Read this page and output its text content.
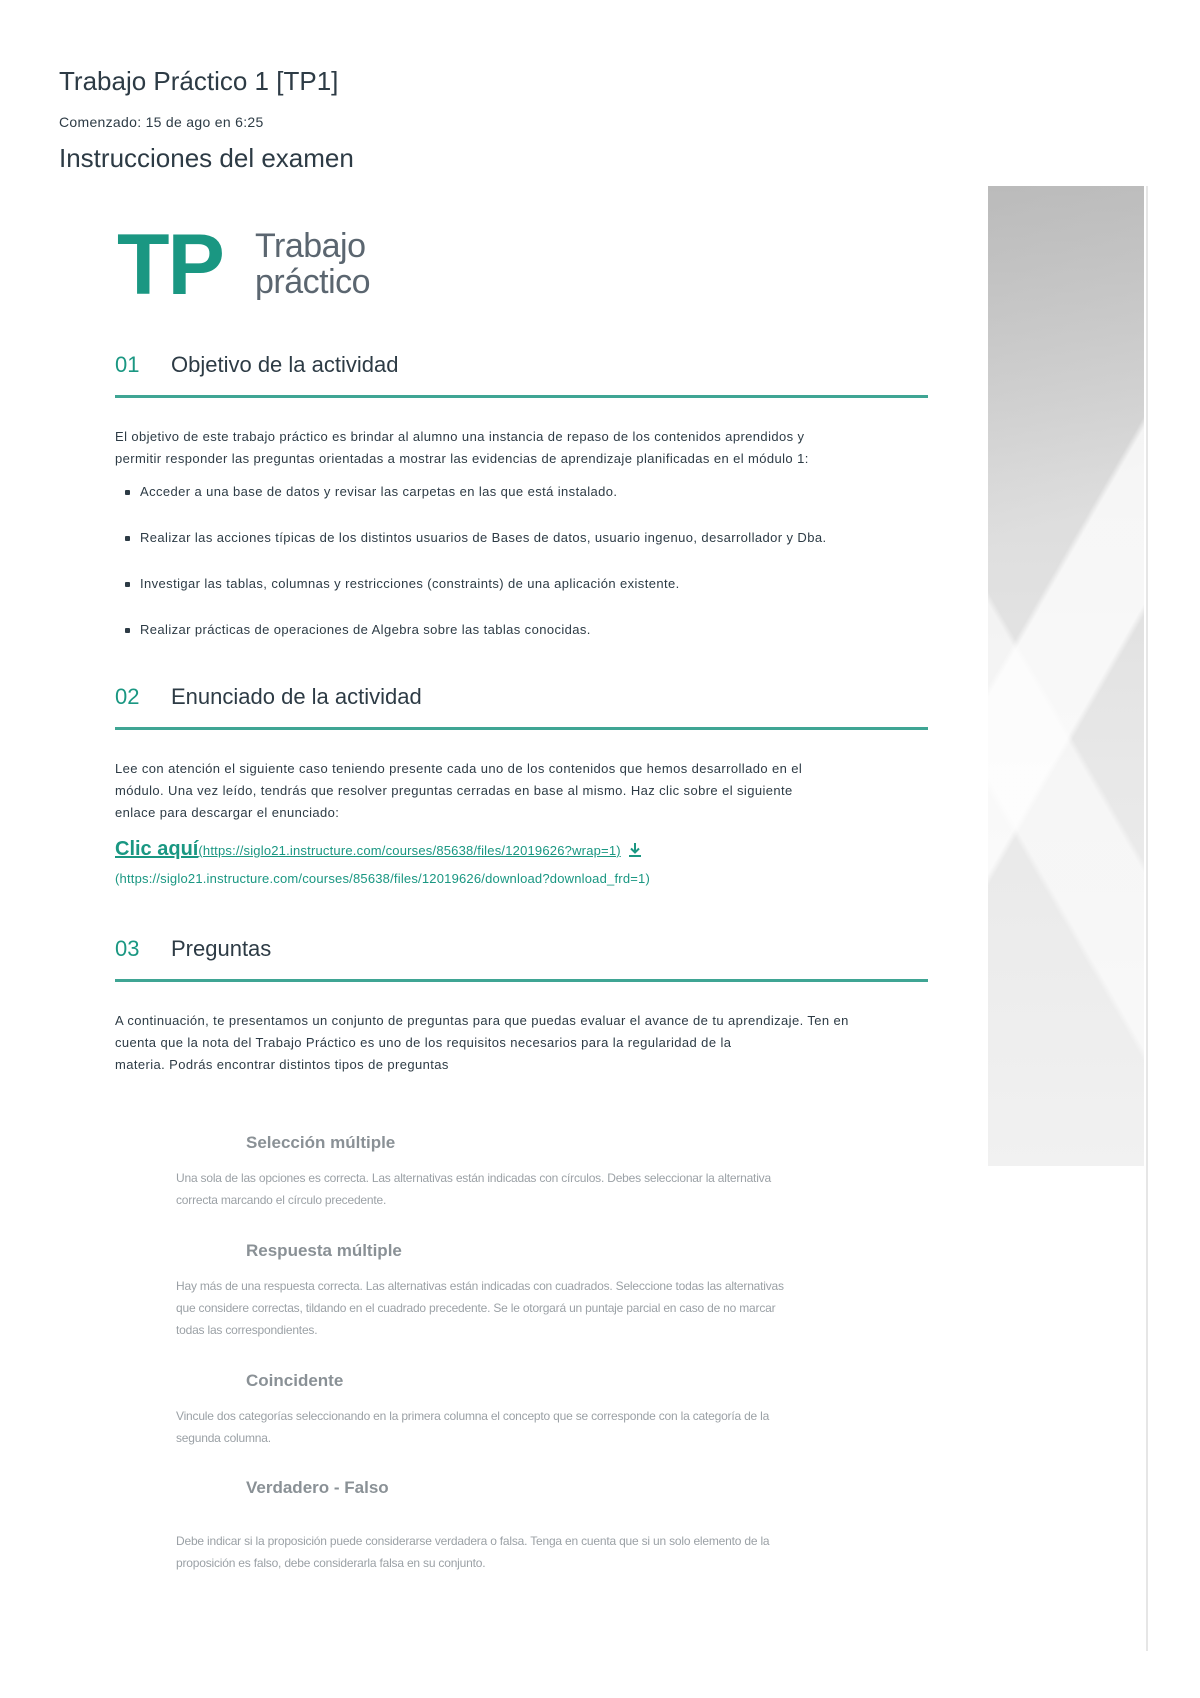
Trabajo Práctico 1 [TP1]
Comenzado: 15 de ago en 6:25
Instrucciones del examen
TP Trabajo
práctico
01 Objetivo de la actividad

El objetivo de este trabajo práctico es brindar al alumno una instancia de repaso de los contenidos aprendidos y
permitir responder las preguntas orientadas a mostrar las evidencias de aprendizaje planificadas en el módulo 1:

Acceder a una base de datos y revisar las carpetas en las que está instalado.
Realizar las acciones típicas de los distintos usuarios de Bases de datos, usuario ingenuo, desarrollador y Dba.
Investigar las tablas, columnas y restricciones (constraints) de una aplicación existente.
Realizar prácticas de operaciones de Algebra sobre las tablas conocidas.
02 Enunciado de la actividad

Lee con atención el siguiente caso teniendo presente cada uno de los contenidos que hemos desarrollado en el
módulo. Una vez leído, tendrás que resolver preguntas cerradas en base al mismo. Haz clic sobre el siguiente
enlace para descargar el enunciado:

Clic aquí(https://siglo21.instructure.com/courses/85638/files/12019626?wrap=1)
(https://siglo21.instructure.com/courses/85638/files/12019626/download?download_frd=1)
03 Preguntas

A continuación, te presentamos un conjunto de preguntas para que puedas evaluar el avance de tu aprendizaje. Ten en
cuenta que la nota del Trabajo Práctico es uno de los requisitos necesarios para la regularidad de la
materia. Podrás encontrar distintos tipos de preguntas

Selección múltiple

Una sola de las opciones es correcta. Las alternativas están indicadas con círculos. Debes seleccionar la alternativa
correcta marcando el círculo precedente.

Respuesta múltiple

Hay más de una respuesta correcta. Las alternativas están indicadas con cuadrados. Seleccione todas las alternativas
que considere correctas, tildando en el cuadrado precedente. Se le otorgará un puntaje parcial en caso de no marcar
todas las correspondientes.

Coincidente

Vincule dos categorías seleccionando en la primera columna el concepto que se corresponde con la categoría de la
segunda columna.

Verdadero - Falso

Debe indicar si la proposición puede considerarse verdadera o falsa. Tenga en cuenta que si un solo elemento de la
proposición es falso, debe considerarla falsa en su conjunto.
